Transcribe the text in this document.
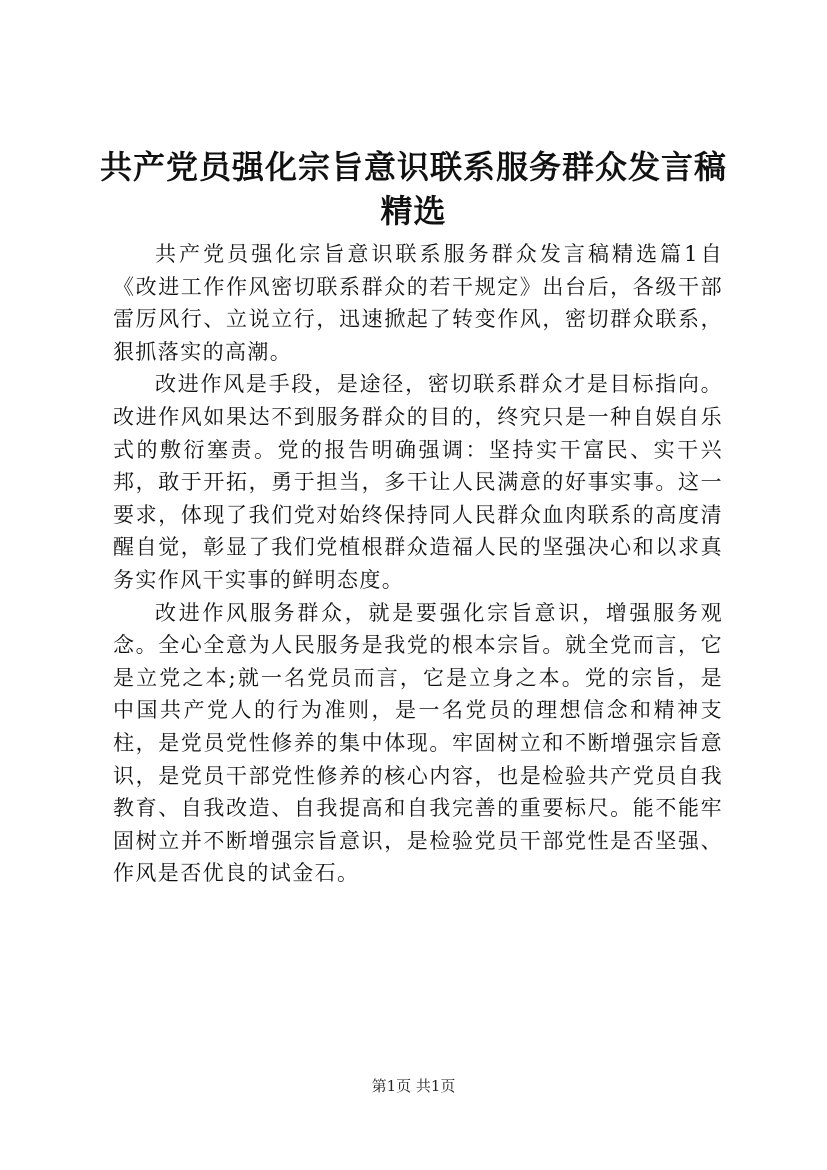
共产党员强化宗旨意识联系服务群众发言稿精选

共产党员强化宗旨意识联系服务群众发言稿精选篇1自《改进工作作风密切联系群众的若干规定》出台后，各级干部雷厉风行、立说立行，迅速掀起了转变作风，密切群众联系，狠抓落实的高潮。

改进作风是手段，是途径，密切联系群众才是目标指向。改进作风如果达不到服务群众的目的，终究只是一种自娱自乐式的敷衍塞责。党的报告明确强调：坚持实干富民、实干兴邦，敢于开拓，勇于担当，多干让人民满意的好事实事。这一要求，体现了我们党对始终保持同人民群众血肉联系的高度清醒自觉，彰显了我们党植根群众造福人民的坚强决心和以求真务实作风干实事的鲜明态度。

改进作风服务群众，就是要强化宗旨意识，增强服务观念。全心全意为人民服务是我党的根本宗旨。就全党而言，它是立党之本;就一名党员而言，它是立身之本。党的宗旨，是中国共产党人的行为准则，是一名党员的理想信念和精神支柱，是党员党性修养的集中体现。牢固树立和不断增强宗旨意识，是党员干部党性修养的核心内容，也是检验共产党员自我教育、自我改造、自我提高和自我完善的重要标尺。能不能牢固树立并不断增强宗旨意识，是检验党员干部党性是否坚强、作风是否优良的试金石。

第1页 共1页
